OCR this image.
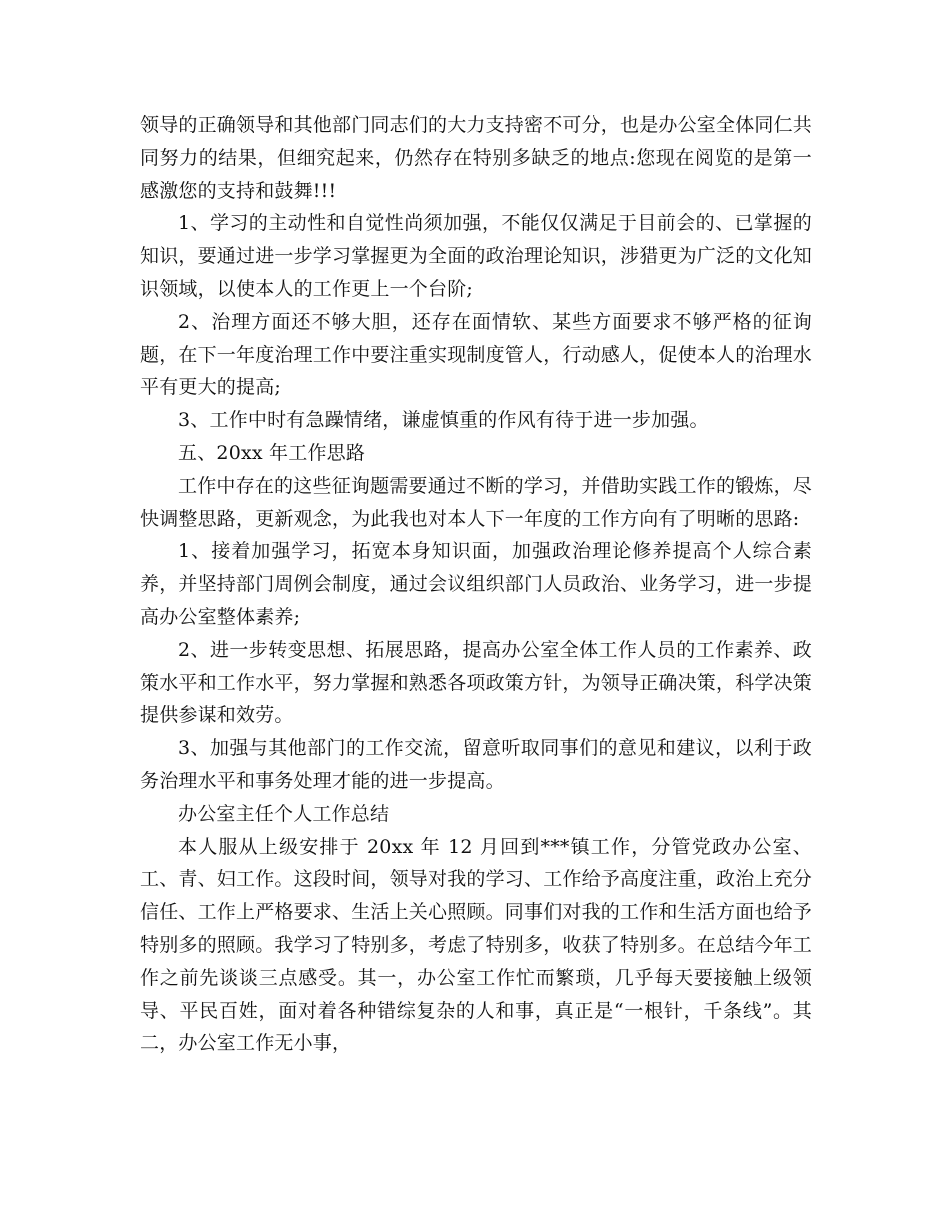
领导的正确领导和其他部门同志们的大力支持密不可分，也是办公室全体同仁共同努力的结果，但细究起来，仍然存在特别多缺乏的地点:您现在阅览的是第一感激您的支持和鼓舞!!!

1、学习的主动性和自觉性尚须加强，不能仅仅满足于目前会的、已掌握的知识，要通过进一步学习掌握更为全面的政治理论知识，涉猎更为广泛的文化知识领域，以使本人的工作更上一个台阶;

2、治理方面还不够大胆，还存在面情软、某些方面要求不够严格的征询题，在下一年度治理工作中要注重实现制度管人，行动感人，促使本人的治理水平有更大的提高;

3、工作中时有急躁情绪，谦虚慎重的作风有待于进一步加强。

五、20xx 年工作思路

工作中存在的这些征询题需要通过不断的学习，并借助实践工作的锻炼，尽快调整思路，更新观念，为此我也对本人下一年度的工作方向有了明晰的思路:

1、接着加强学习，拓宽本身知识面，加强政治理论修养提高个人综合素养，并坚持部门周例会制度，通过会议组织部门人员政治、业务学习，进一步提高办公室整体素养;

2、进一步转变思想、拓展思路，提高办公室全体工作人员的工作素养、政策水平和工作水平，努力掌握和熟悉各项政策方针，为领导正确决策，科学决策提供参谋和效劳。

3、加强与其他部门的工作交流，留意听取同事们的意见和建议，以利于政务治理水平和事务处理才能的进一步提高。

办公室主任个人工作总结

本人服从上级安排于 20xx 年 12 月回到***镇工作，分管党政办公室、工、青、妇工作。这段时间，领导对我的学习、工作给予高度注重，政治上充分信任、工作上严格要求、生活上关心照顾。同事们对我的工作和生活方面也给予特别多的照顾。我学习了特别多，考虑了特别多，收获了特别多。在总结今年工作之前先谈谈三点感受。其一，办公室工作忙而繁琐，几乎每天要接触上级领导、平民百姓，面对着各种错综复杂的人和事，真正是“一根针，千条线”。其二，办公室工作无小事，
